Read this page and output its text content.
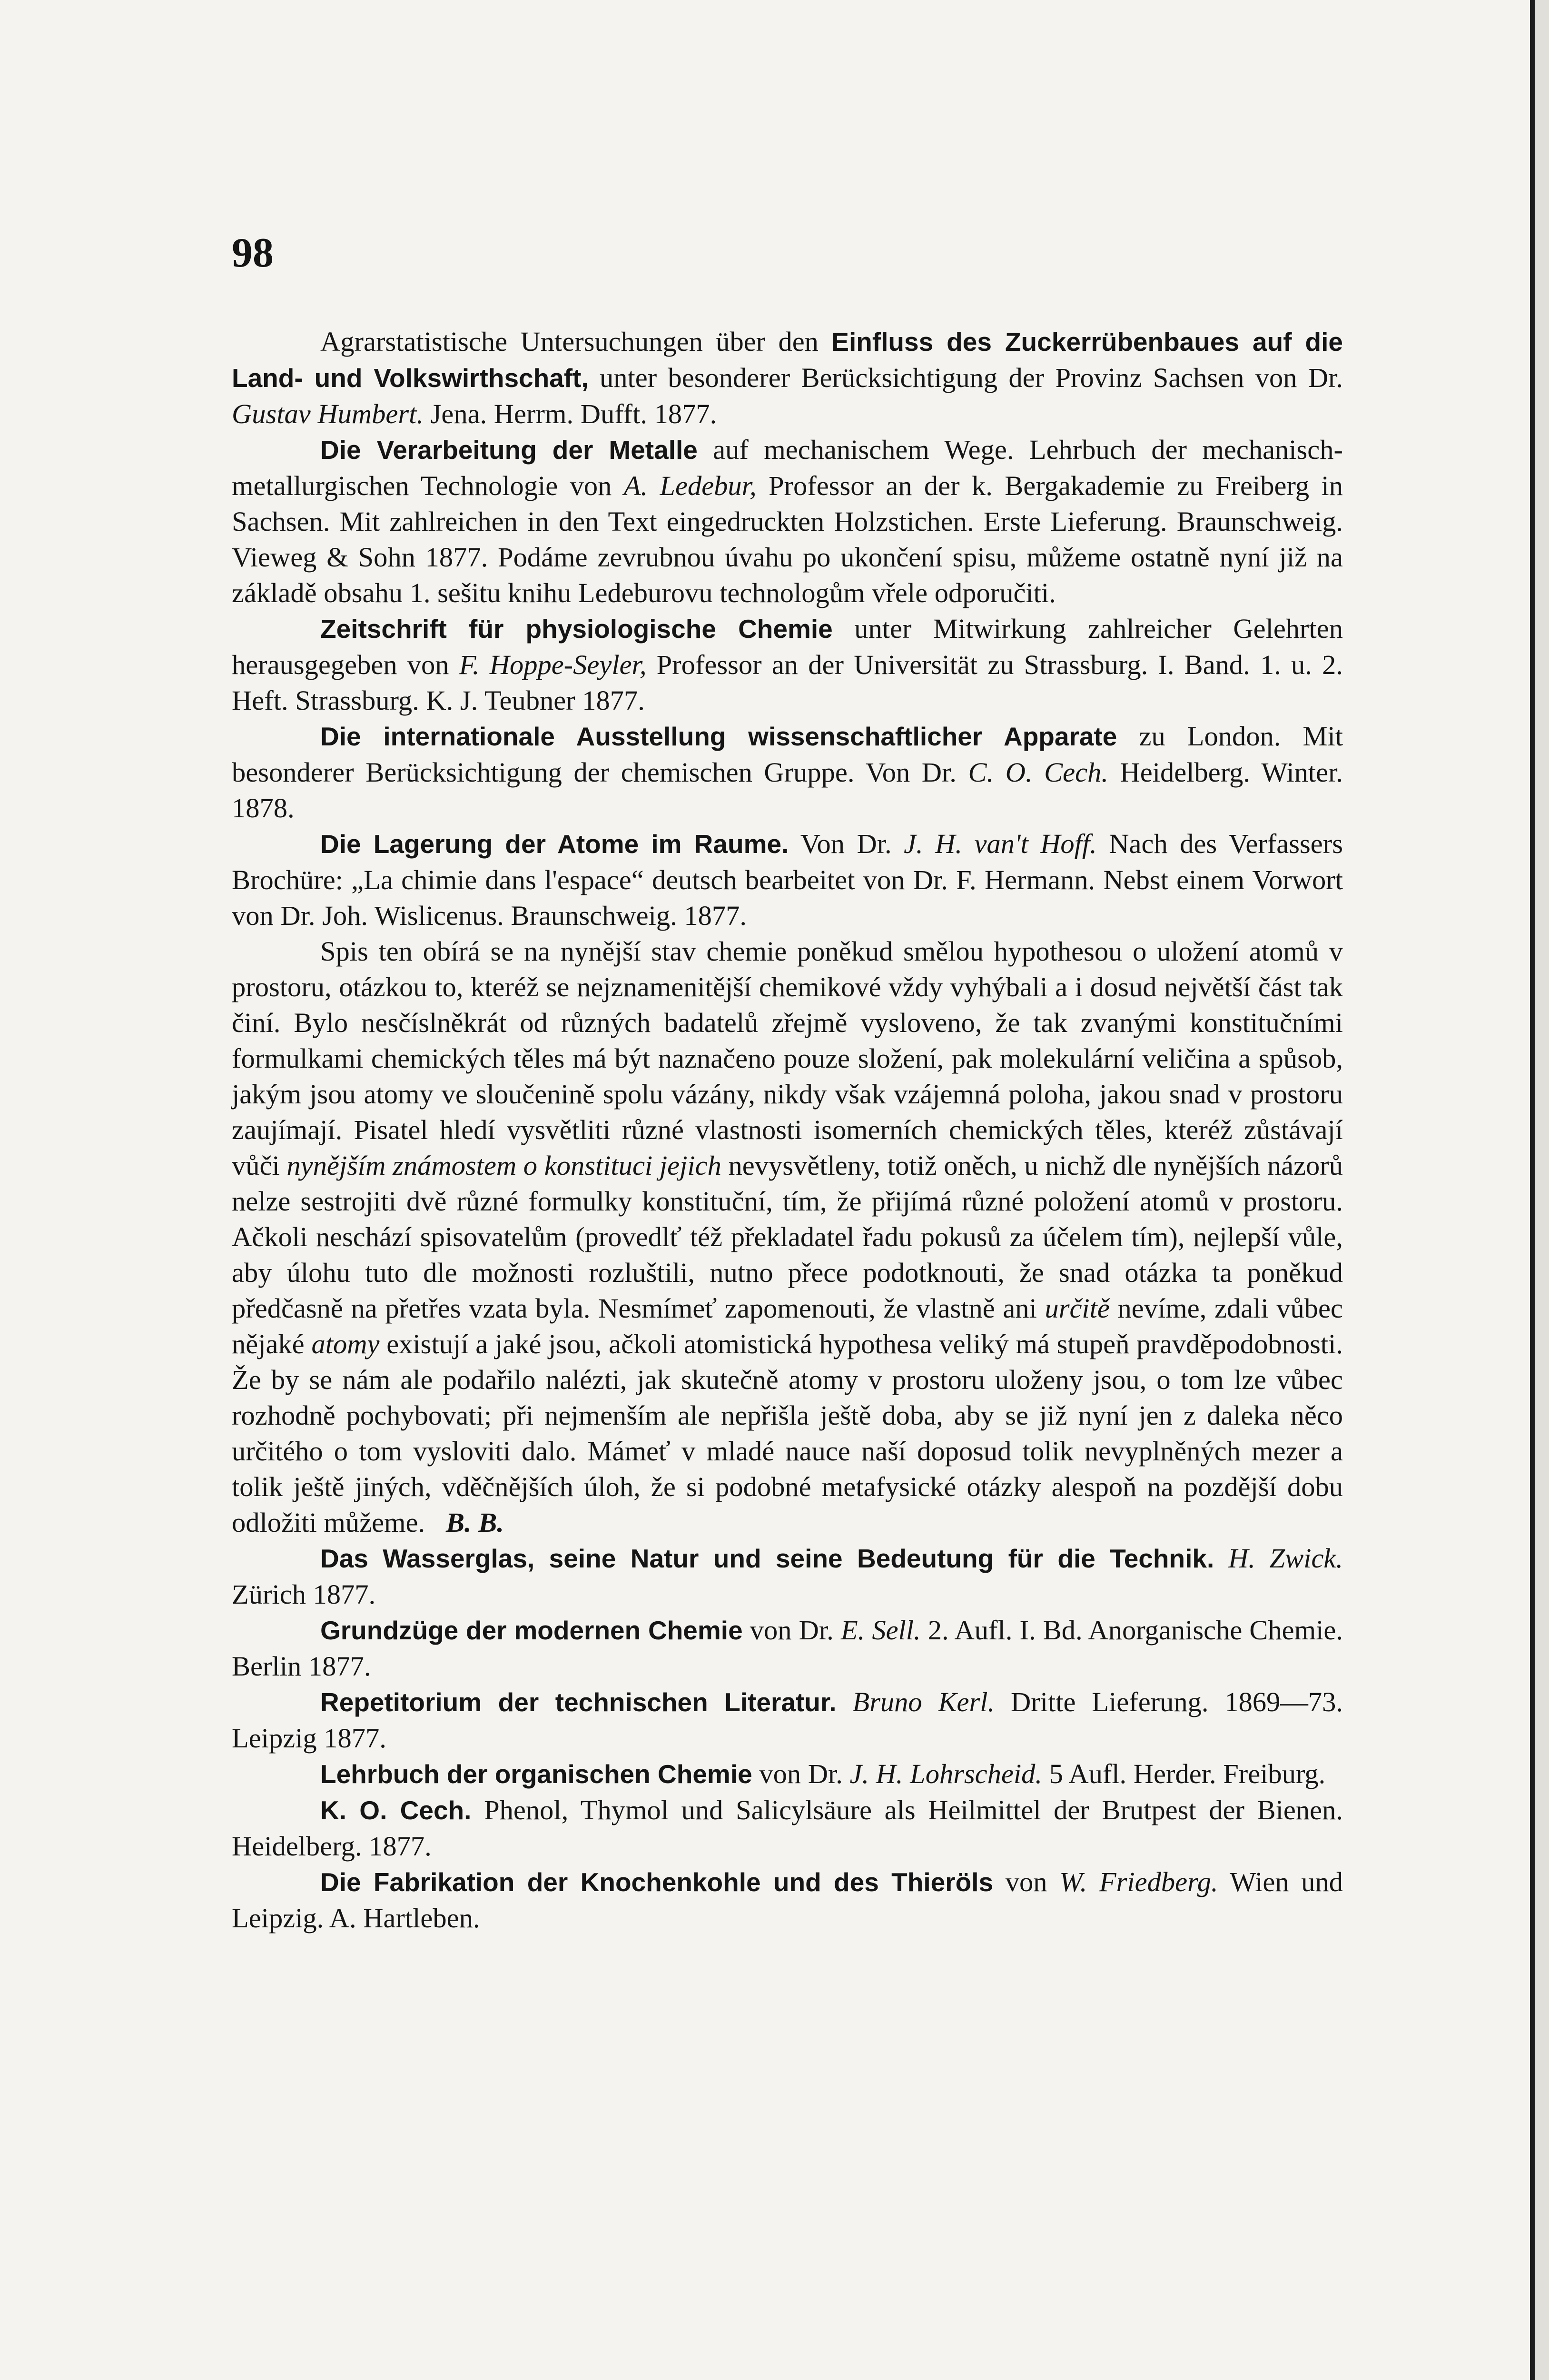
98

Agrarstatistische Untersuchungen über den Einfluss des Zuckerrübenbaues auf die Land- und Volkswirthschaft, unter besonderer Berücksichtigung der Provinz Sachsen von Dr. Gustav Humbert. Jena. Herrm. Dufft. 1877.

Die Verarbeitung der Metalle auf mechanischem Wege. Lehrbuch der mechanisch-metallurgischen Technologie von A. Ledebur, Professor an der k. Bergakademie zu Freiberg in Sachsen. Mit zahlreichen in den Text eingedruckten Holzstichen. Erste Lieferung. Braunschweig. Vieweg & Sohn 1877. Podáme zevrubnou úvahu po ukončení spisu, můžeme ostatně nyní již na základě obsahu 1. sešitu knihu Ledeburovu technologům vřele odporučiti.

Zeitschrift für physiologische Chemie unter Mitwirkung zahlreicher Gelehrten herausgegeben von F. Hoppe-Seyler, Professor an der Universität zu Strassburg. I. Band. 1. u. 2. Heft. Strassburg. K. J. Teubner 1877.

Die internationale Ausstellung wissenschaftlicher Apparate zu London. Mit besonderer Berücksichtigung der chemischen Gruppe. Von Dr. C. O. Cech. Heidelberg. Winter. 1878.

Die Lagerung der Atome im Raume. Von Dr. J. H. van't Hoff. Nach des Verfassers Brochüre: „La chimie dans l'espace“ deutsch bearbeitet von Dr. F. Hermann. Nebst einem Vorwort von Dr. Joh. Wislicenus. Braunschweig. 1877.

Spis ten obírá se na nynější stav chemie poněkud smělou hypothesou o uložení atomů v prostoru, otázkou to, kteréž se nejznamenitější chemikové vždy vyhýbali a i dosud největší část tak činí. Bylo nesčíslněkrát od různých badatelů zřejmě vysloveno, že tak zvanými konstitučními formulkami chemických těles má být naznačeno pouze složení, pak molekulární veličina a spůsob, jakým jsou atomy ve sloučenině spolu vázány, nikdy však vzájemná poloha, jakou snad v prostoru zaujímají. Pisatel hledí vysvětliti různé vlastnosti isomerních chemických těles, kteréž zůstávají vůči nynějším známostem o konstituci jejich nevysvětleny, totiž oněch, u nichž dle nynějších názorů nelze sestrojiti dvě různé formulky konstituční, tím, že přijímá různé položení atomů v prostoru. Ačkoli neschází spisovatelům (provedlť též překladatel řadu pokusů za účelem tím), nejlepší vůle, aby úlohu tuto dle možnosti rozluštili, nutno přece podotknouti, že snad otázka ta poněkud předčasně na přetřes vzata byla. Nesmímeť zapomenouti, že vlastně ani určitě nevíme, zdali vůbec nějaké atomy existují a jaké jsou, ačkoli atomistická hypothesa veliký má stupeň pravděpodobnosti. Že by se nám ale podařilo nalézti, jak skutečně atomy v prostoru uloženy jsou, o tom lze vůbec rozhodně pochybovati; při nejmenším ale nepřišla ještě doba, aby se již nyní jen z daleka něco určitého o tom vysloviti dalo. Mámeť v mladé nauce naší doposud tolik nevyplněných mezer a tolik ještě jiných, vděčnějších úloh, že si podobné metafysické otázky alespoň na pozdější dobu odložiti můžeme. B. B.

Das Wasserglas, seine Natur und seine Bedeutung für die Technik. H. Zwick. Zürich 1877.

Grundzüge der modernen Chemie von Dr. E. Sell. 2. Aufl. I. Bd. Anorganische Chemie. Berlin 1877.

Repetitorium der technischen Literatur. Bruno Kerl. Dritte Lieferung. 1869—73. Leipzig 1877.

Lehrbuch der organischen Chemie von Dr. J. H. Lohrscheid. 5 Aufl. Herder. Freiburg.

K. O. Cech. Phenol, Thymol und Salicylsäure als Heilmittel der Brutpest der Bienen. Heidelberg. 1877.

Die Fabrikation der Knochenkohle und des Thieröls von W. Friedberg. Wien und Leipzig. A. Hartleben.
